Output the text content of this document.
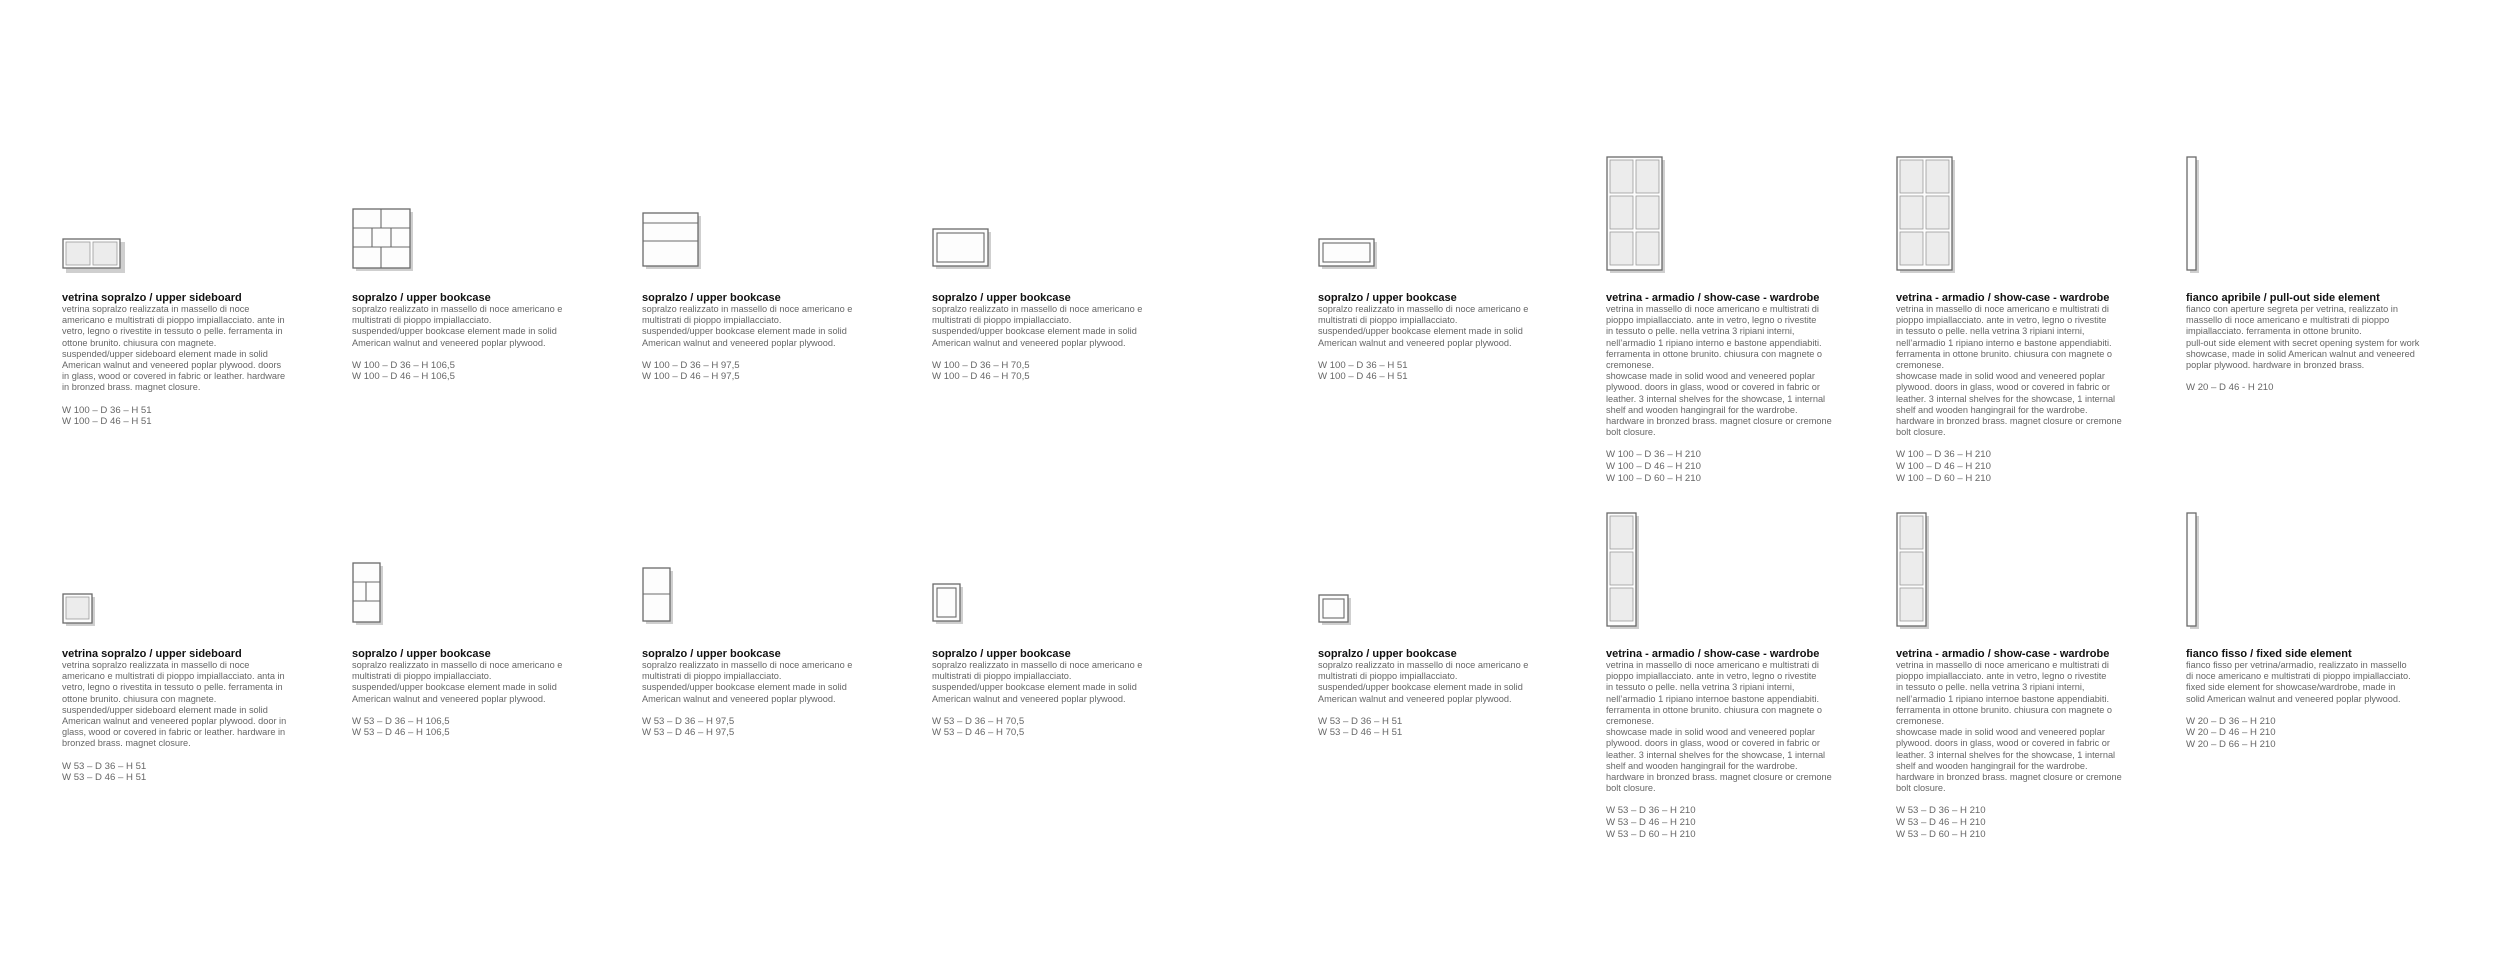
vetrina sopralzo / upper sideboard

vetrina sopralzo realizzata in massello di noce
americano e multistrati di pioppo impiallacciato. ante in
vetro, legno o rivestite in tessuto o pelle. ferramenta in
ottone brunito. chiusura con magnete.
suspended/upper sideboard element made in solid
American walnut and veneered poplar plywood. doors
in glass, wood or covered in fabric or leather. hardware
in bronzed brass. magnet closure.

W 100 – D 36 – H 51
W 100 – D 46 – H 51

sopralzo / upper bookcase

sopralzo realizzato in massello di noce americano e
multistrati di pioppo impiallacciato.
suspended/upper bookcase element made in solid
American walnut and veneered poplar plywood.

W 100 – D 36 – H 106,5
W 100 – D 46 – H 106,5

sopralzo / upper bookcase

sopralzo realizzato in massello di noce americano e
multistrati di pioppo impiallacciato.
suspended/upper bookcase element made in solid
American walnut and veneered poplar plywood.

W 100 – D 36 – H 97,5
W 100 – D 46 – H 97,5

sopralzo / upper bookcase

sopralzo realizzato in massello di noce americano e
multistrati di pioppo impiallacciato.
suspended/upper bookcase element made in solid
American walnut and veneered poplar plywood.

W 100 – D 36 – H 70,5
W 100 – D 46 – H 70,5

sopralzo / upper bookcase

sopralzo realizzato in massello di noce americano e
multistrati di pioppo impiallacciato.
suspended/upper bookcase element made in solid
American walnut and veneered poplar plywood.

W 100 – D 36 – H 51
W 100 – D 46 – H 51

vetrina - armadio / show-case - wardrobe

vetrina in massello di noce americano e multistrati di
pioppo impiallacciato. ante in vetro, legno o rivestite
in tessuto o pelle. nella vetrina 3 ripiani interni,
nell’armadio 1 ripiano interno e bastone appendiabiti.
ferramenta in ottone brunito. chiusura con magnete o
cremonese.
showcase made in solid wood and veneered poplar
plywood. doors in glass, wood or covered in fabric or
leather. 3 internal shelves for the showcase, 1 internal
shelf and wooden hangingrail for the wardrobe.
hardware in bronzed brass. magnet closure or cremone
bolt closure.

W 100 – D 36 – H 210
W 100 – D 46 – H 210
W 100 – D 60 – H 210

vetrina - armadio / show-case - wardrobe

vetrina in massello di noce americano e multistrati di
pioppo impiallacciato. ante in vetro, legno o rivestite
in tessuto o pelle. nella vetrina 3 ripiani interni,
nell’armadio 1 ripiano interno e bastone appendiabiti.
ferramenta in ottone brunito. chiusura con magnete o
cremonese.
showcase made in solid wood and veneered poplar
plywood. doors in glass, wood or covered in fabric or
leather. 3 internal shelves for the showcase, 1 internal
shelf and wooden hangingrail for the wardrobe.
hardware in bronzed brass. magnet closure or cremone
bolt closure.

W 100 – D 36 – H 210
W 100 – D 46 – H 210
W 100 – D 60 – H 210

fianco apribile / pull-out side element

fianco con aperture segreta per vetrina, realizzato in
massello di noce americano e multistrati di pioppo
impiallacciato. ferramenta in ottone brunito.
pull-out side element with secret opening system for work
showcase, made in solid American walnut and veneered
poplar plywood. hardware in bronzed brass.

W 20 – D 46 - H 210

vetrina sopralzo / upper sideboard

vetrina sopralzo realizzata in massello di noce
americano e multistrati di pioppo impiallacciato. anta in
vetro, legno o rivestita in tessuto o pelle. ferramenta in
ottone brunito. chiusura con magnete.
suspended/upper sideboard element made in solid
American walnut and veneered poplar plywood. door in
glass, wood or covered in fabric or leather. hardware in
bronzed brass. magnet closure.

W 53 – D 36 – H 51
W 53 – D 46 – H 51

sopralzo / upper bookcase

sopralzo realizzato in massello di noce americano e
multistrati di pioppo impiallacciato.
suspended/upper bookcase element made in solid
American walnut and veneered poplar plywood.

W 53 – D 36 – H 106,5
W 53 – D 46 – H 106,5

sopralzo / upper bookcase

sopralzo realizzato in massello di noce americano e
multistrati di pioppo impiallacciato.
suspended/upper bookcase element made in solid
American walnut and veneered poplar plywood.

W 53 – D 36 – H 97,5
W 53 – D 46 – H 97,5

sopralzo / upper bookcase

sopralzo realizzato in massello di noce americano e
multistrati di pioppo impiallacciato.
suspended/upper bookcase element made in solid
American walnut and veneered poplar plywood.

W 53 – D 36 – H 70,5
W 53 – D 46 – H 70,5

sopralzo / upper bookcase

sopralzo realizzato in massello di noce americano e
multistrati di pioppo impiallacciato.
suspended/upper bookcase element made in solid
American walnut and veneered poplar plywood.

W 53 – D 36 – H 51
W 53 – D 46 – H 51

vetrina - armadio / show-case - wardrobe

vetrina in massello di noce americano e multistrati di
pioppo impiallacciato. ante in vetro, legno o rivestite
in tessuto o pelle. nella vetrina 3 ripiani interni,
nell’armadio 1 ripiano internoe bastone appendiabiti.
ferramenta in ottone brunito. chiusura con magnete o
cremonese.
showcase made in solid wood and veneered poplar
plywood. doors in glass, wood or covered in fabric or
leather. 3 internal shelves for the showcase, 1 internal
shelf and wooden hangingrail for the wardrobe.
hardware in bronzed brass. magnet closure or cremone
bolt closure.

W 53 – D 36 – H 210
W 53 – D 46 – H 210
W 53 – D 60 – H 210

vetrina - armadio / show-case - wardrobe

vetrina in massello di noce americano e multistrati di
pioppo impiallacciato. ante in vetro, legno o rivestite
in tessuto o pelle. nella vetrina 3 ripiani interni,
nell’armadio 1 ripiano internoe bastone appendiabiti.
ferramenta in ottone brunito. chiusura con magnete o
cremonese.
showcase made in solid wood and veneered poplar
plywood. doors in glass, wood or covered in fabric or
leather. 3 internal shelves for the showcase, 1 internal
shelf and wooden hangingrail for the wardrobe.
hardware in bronzed brass. magnet closure or cremone
bolt closure.

W 53 – D 36 – H 210
W 53 – D 46 – H 210
W 53 – D 60 – H 210

fianco fisso / fixed side element

fianco fisso per vetrina/armadio, realizzato in massello
di noce americano e multistrati di pioppo impiallacciato.
fixed side element for showcase/wardrobe, made in
solid American walnut and veneered poplar plywood.

W 20 – D 36 – H 210
W 20 – D 46 – H 210
W 20 – D 66 – H 210
